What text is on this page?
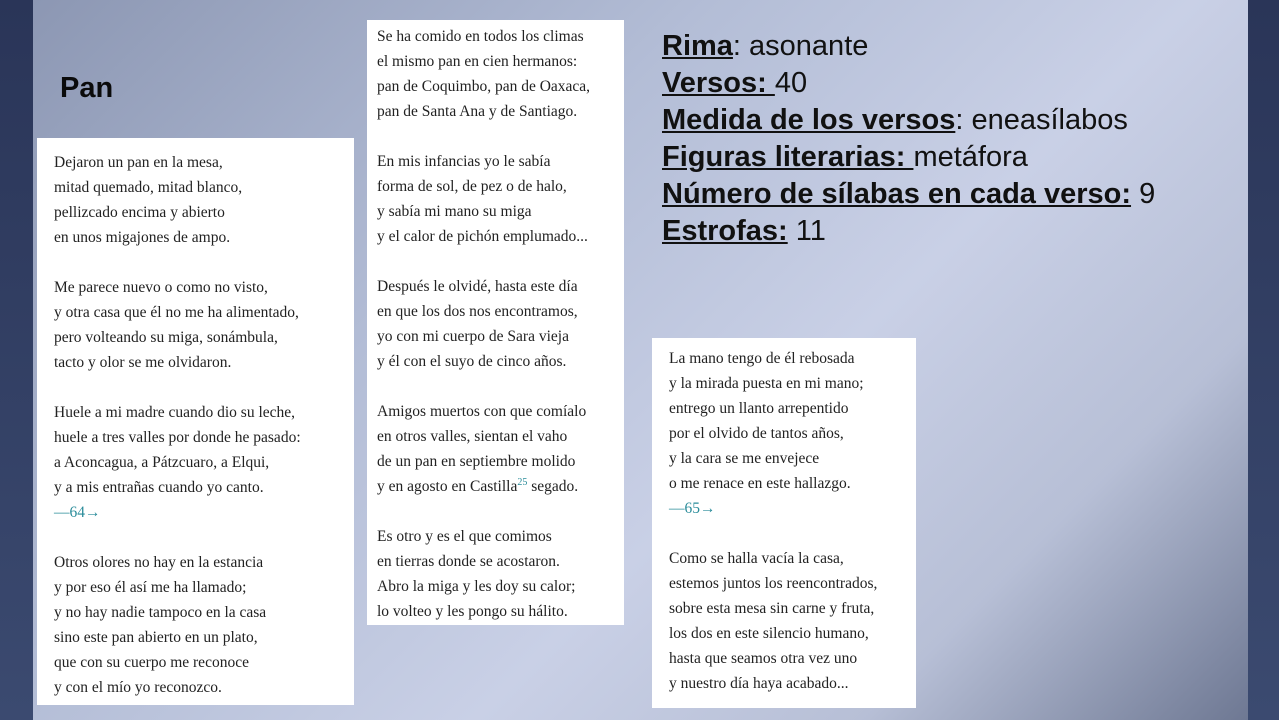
Pan
Dejaron un pan en la mesa,
mitad quemado, mitad blanco,
pellizcado encima y abierto
en unos migajones de ampo.
Me parece nuevo o como no visto,
y otra casa que él no me ha alimentado,
pero volteando su miga, sonámbula,
tacto y olor se me olvidaron.
Huele a mi madre cuando dio su leche,
huele a tres valles por donde he pasado:
a Aconcagua, a Pátzcuaro, a Elqui,
y a mis entrañas cuando yo canto.
—64→
Otros olores no hay en la estancia
y por eso él así me ha llamado;
y no hay nadie tampoco en la casa
sino este pan abierto en un plato,
que con su cuerpo me reconoce
y con el mío yo reconozco.
Se ha comido en todos los climas
el mismo pan en cien hermanos:
pan de Coquimbo, pan de Oaxaca,
pan de Santa Ana y de Santiago.
En mis infancias yo le sabía
forma de sol, de pez o de halo,
y sabía mi mano su miga
y el calor de pichón emplumado...
Después le olvidé, hasta este día
en que los dos nos encontramos,
yo con mi cuerpo de Sara vieja
y él con el suyo de cinco años.
Amigos muertos con que comíalo
en otros valles, sientan el vaho
de un pan en septiembre molido
y en agosto en Castilla$^{25}$ segado.
Es otro y es el que comimos
en tierras donde se acostaron.
Abro la miga y les doy su calor;
lo volteo y les pongo su hálito.
La mano tengo de él rebosada
y la mirada puesta en mi mano;
entrego un llanto arrepentido
por el olvido de tantos años,
y la cara se me envejece
o me renace en este hallazgo.
—65→
Como se halla vacía la casa,
estemos juntos los reencontrados,
sobre esta mesa sin carne y fruta,
los dos en este silencio humano,
hasta que seamos otra vez uno
y nuestro día haya acabado...
Rima: asonante
Versos: 40
Medida de los versos: eneasílabos
Figuras literarias: metáfora
Número de sílabas en cada verso: 9
Estrofas: 11
